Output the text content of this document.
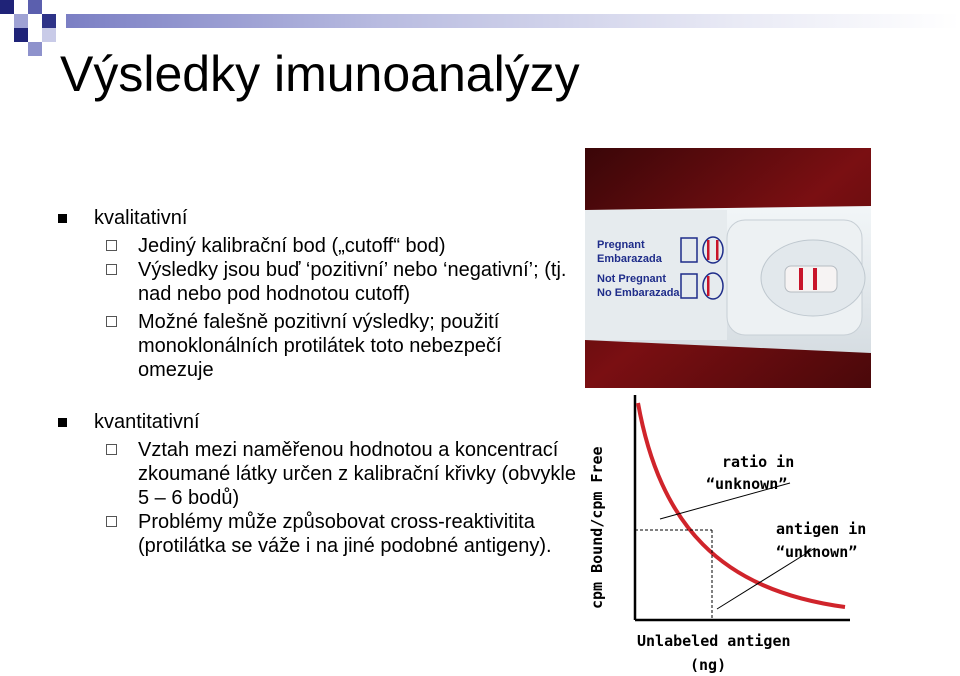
Výsledky imunoanalýzy
kvalitativní
Jediný kalibrační bod („cutoff“ bod)
Výsledky jsou buď ‘pozitivní’ nebo ‘negativní’; (tj. nad nebo pod hodnotou cutoff)
Možné falešně pozitivní výsledky; použití monoklonálních protilátek toto nebezpečí omezuje
kvantitativní
Vztah mezi naměřenou hodnotou a koncentrací zkoumané látky určen z kalibrační křivky (obvykle 5 – 6 bodů)
Problémy může způsobovat cross-reaktivitita (protilátka se váže i na jiné podobné antigeny).
Pregnant
Embarazada
Not Pregnant
No Embarazada
cpm Bound/cpm Free	ratio in
“unknown”
antigen in
“unknown”
Unlabeled antigen
(ng)
